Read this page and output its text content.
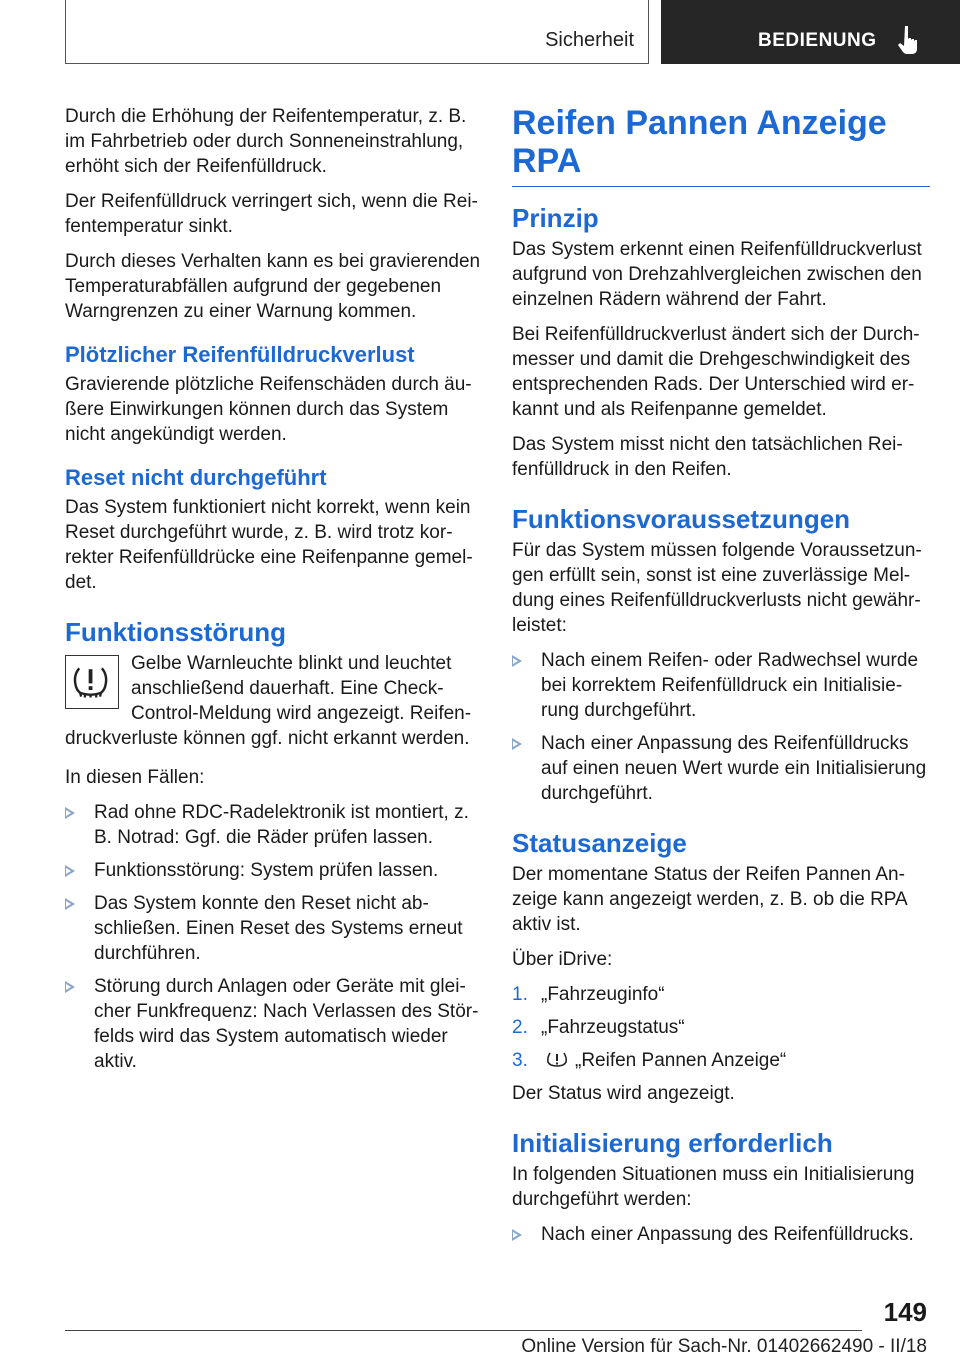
Sicherheit	BEDIENUNG

Durch die Erhöhung der Reifentemperatur, z. B. im Fahrbetrieb oder durch Sonneneinstrahlung, erhöht sich der Reifenfülldruck.

Der Reifenfülldruck verringert sich, wenn die Rei-fentemperatur sinkt.

Durch dieses Verhalten kann es bei gravierenden Temperaturabfällen aufgrund der gegebenen Warngrenzen zu einer Warnung kommen.

Plötzlicher Reifenfülldruckverlust

Gravierende plötzliche Reifenschäden durch äu-ßere Einwirkungen können durch das System nicht angekündigt werden.

Reset nicht durchgeführt

Das System funktioniert nicht korrekt, wenn kein Reset durchgeführt wurde, z. B. wird trotz kor-rekter Reifenfülldrücke eine Reifenpanne gemel-det.

Funktionsstörung

Gelbe Warnleuchte blinkt und leuchtet anschließend dauerhaft. Eine Check-Control-Meldung wird angezeigt. Reifen-druckverluste können ggf. nicht erkannt werden.

In diesen Fällen:

Rad ohne RDC-Radelektronik ist montiert, z. B. Notrad: Ggf. die Räder prüfen lassen.
Funktionsstörung: System prüfen lassen.
Das System konnte den Reset nicht ab-schließen. Einen Reset des Systems erneut durchführen.
Störung durch Anlagen oder Geräte mit glei-cher Funkfrequenz: Nach Verlassen des Stör-felds wird das System automatisch wieder aktiv.
Reifen Pannen Anzeige RPA
Prinzip

Das System erkennt einen Reifenfülldruckverlust aufgrund von Drehzahlvergleichen zwischen den einzelnen Rädern während der Fahrt.

Bei Reifenfülldruckverlust ändert sich der Durch-messer und damit die Drehgeschwindigkeit des entsprechenden Rads. Der Unterschied wird er-kannt und als Reifenpanne gemeldet.

Das System misst nicht den tatsächlichen Rei-fenfülldruck in den Reifen.

Funktionsvoraussetzungen

Für das System müssen folgende Voraussetzun-gen erfüllt sein, sonst ist eine zuverlässige Mel-dung eines Reifenfülldruckverlusts nicht gewähr-leistet:

Nach einem Reifen- oder Radwechsel wurde bei korrektem Reifenfülldruck ein Initialisie-rung durchgeführt.
Nach einer Anpassung des Reifenfülldrucks auf einen neuen Wert wurde ein Initialisierung durchgeführt.
Statusanzeige

Der momentane Status der Reifen Pannen An-zeige kann angezeigt werden, z. B. ob die RPA aktiv ist.

Über iDrive:

1. „Fahrzeuginfo“
2. „Fahrzeugstatus“
3. „Reifen Pannen Anzeige“

Der Status wird angezeigt.

Initialisierung erforderlich

In folgenden Situationen muss ein Initialisierung durchgeführt werden:

Nach einer Anpassung des Reifenfülldrucks.
149
Online Version für Sach-Nr. 01402662490 - II/18
